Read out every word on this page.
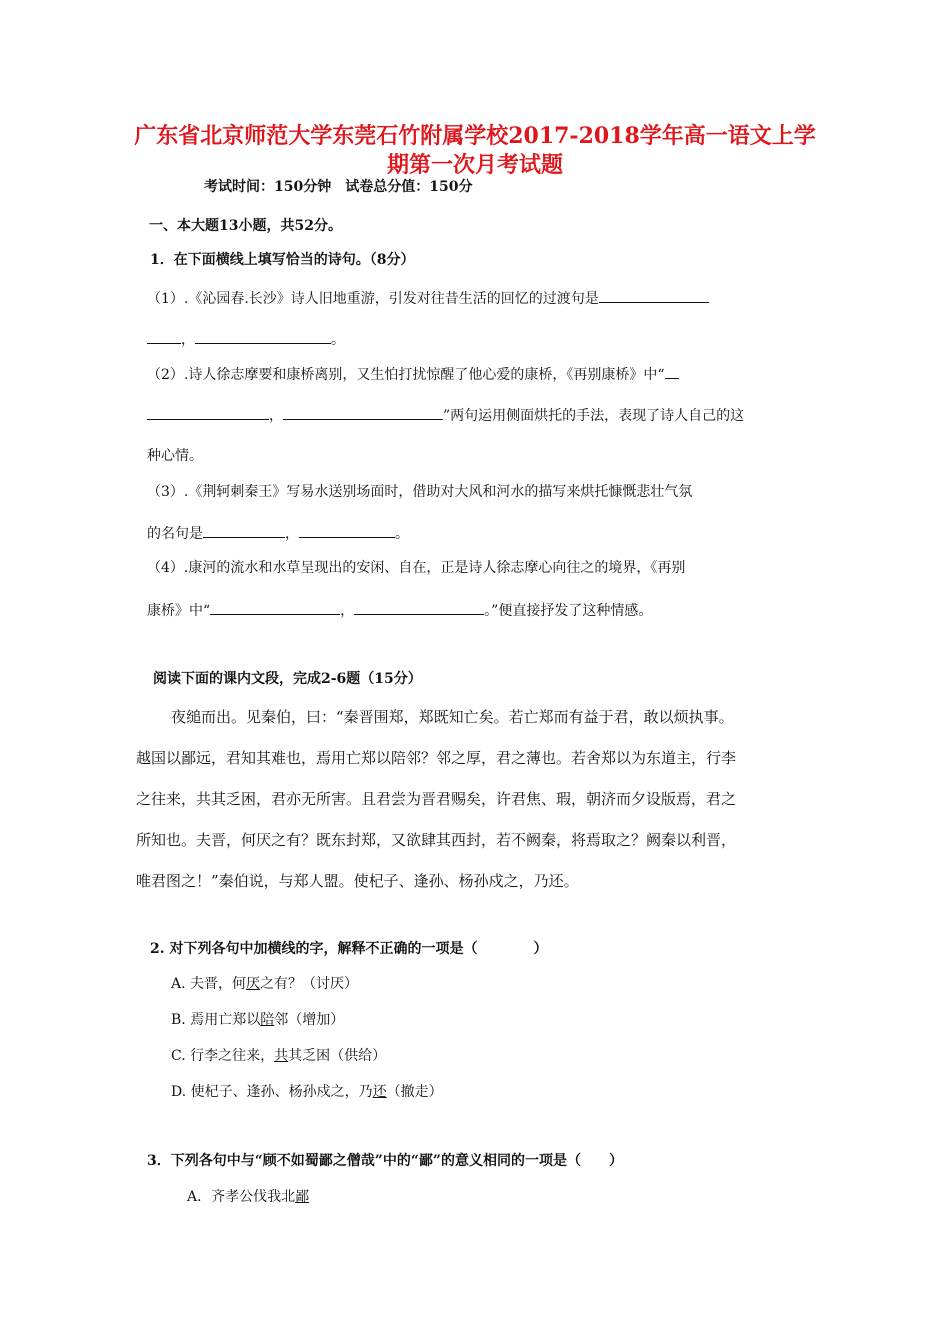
广东省北京师范大学东莞石竹附属学校2017-2018学年高一语文上学
期第一次月考试题
考试时间：150分钟 试卷总分值：150分
一、本大题13小题，共52分。
1．在下面横线上填写恰当的诗句。（8分）
（1）.《沁园春.长沙》诗人旧地重游，引发对往昔生活的回忆的过渡句是
，	。
（2）.诗人徐志摩要和康桥离别，又生怕打扰惊醒了他心爱的康桥，《再别康桥》中“
，	”两句运用侧面烘托的手法，表现了诗人自己的这
种心情。
（3）.《荆轲刺秦王》写易水送别场面时，借助对大风和河水的描写来烘托慷慨悲壮气氛
的名句是	，	。
（4）.康河的流水和水草呈现出的安闲、自在，正是诗人徐志摩心向往之的境界，《再别
康桥》中“	，	。”便直接抒发了这种情感。
阅读下面的课内文段，完成2-6题（15分）

夜缒而出。见秦伯，曰：“秦晋围郑，郑既知亡矣。若亡郑而有益于君，敢以烦执事。

越国以鄙远，君知其难也，焉用亡郑以陪邻？邻之厚，君之薄也。若舍郑以为东道主，行李

之往来，共其乏困，君亦无所害。且君尝为晋君赐矣，许君焦、瑕，朝济而夕设版焉，君之

所知也。夫晋，何厌之有？既东封郑，又欲肆其西封，若不阙秦，将焉取之？阙秦以利晋，

唯君图之！”秦伯说，与郑人盟。使杞子、逢孙、杨孙戍之，乃还。

2. 对下列各句中加横线的字，解释不正确的一项是（　　　　）
A. 夫晋，何厌之有？（讨厌）
B. 焉用亡郑以陪邻（增加）
C. 行李之往来，共其乏困（供给）
D. 使杞子、逢孙、杨孙戍之，乃还（撤走）
3．下列各句中与“顾不如蜀鄙之僧哉”中的“鄙”的意义相同的一项是（　　）
A．齐孝公伐我北鄙
